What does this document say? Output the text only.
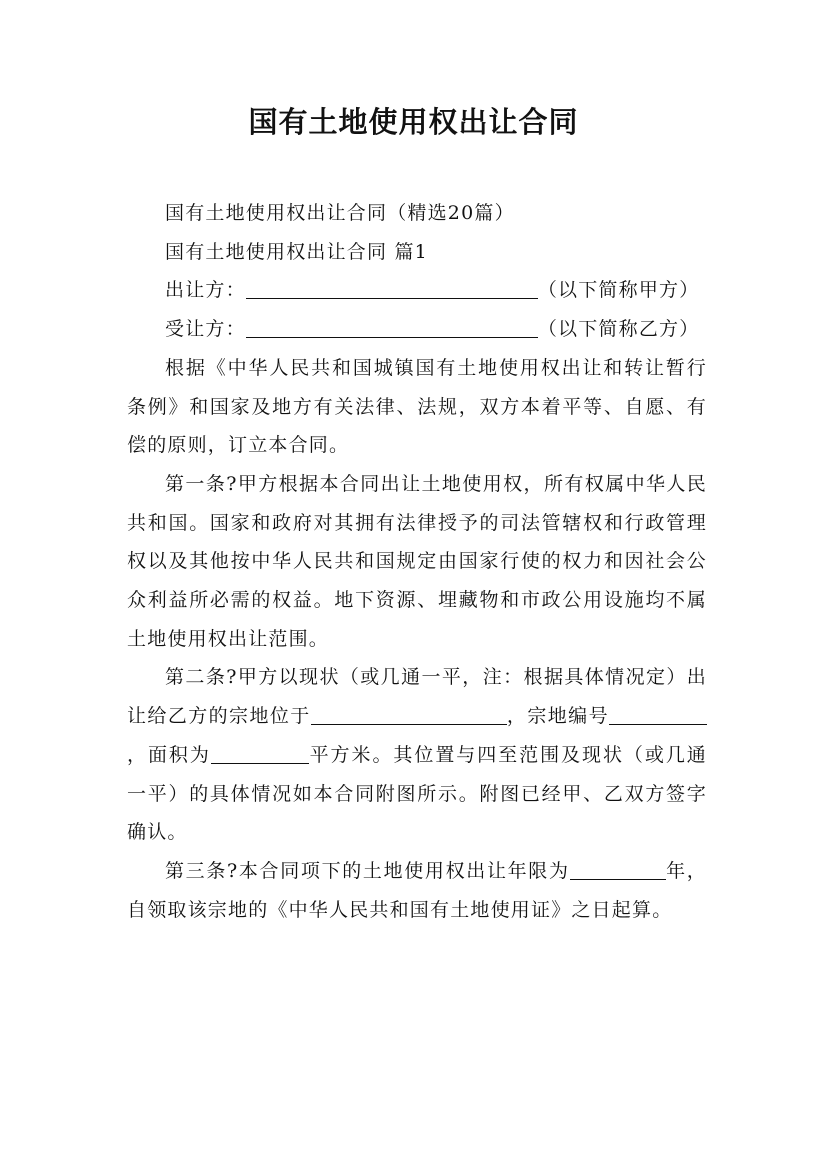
国有土地使用权出让合同

国有土地使用权出让合同（精选20篇）

国有土地使用权出让合同 篇1

出让方：	（以下简称甲方）

受让方：	（以下简称乙方）

根据《中华人民共和国城镇国有土地使用权出让和转让暂行条例》和国家及地方有关法律、法规，双方本着平等、自愿、有偿的原则，订立本合同。

第一条?甲方根据本合同出让土地使用权，所有权属中华人民共和国。国家和政府对其拥有法律授予的司法管辖权和行政管理权以及其他按中华人民共和国规定由国家行使的权力和因社会公众利益所必需的权益。地下资源、埋藏物和市政公用设施均不属土地使用权出让范围。

第二条?甲方以现状（或几通一平，注：根据具体情况定）出让给乙方的宗地位于	，宗地编号，面积为	平方米。其位置与四至范围及现状（或几通一平）的具体情况如本合同附图所示。附图已经甲、乙双方签字确认。

第三条?本合同项下的土地使用权出让年限为	年，自领取该宗地的《中华人民共和国有土地使用证》之日起算。
